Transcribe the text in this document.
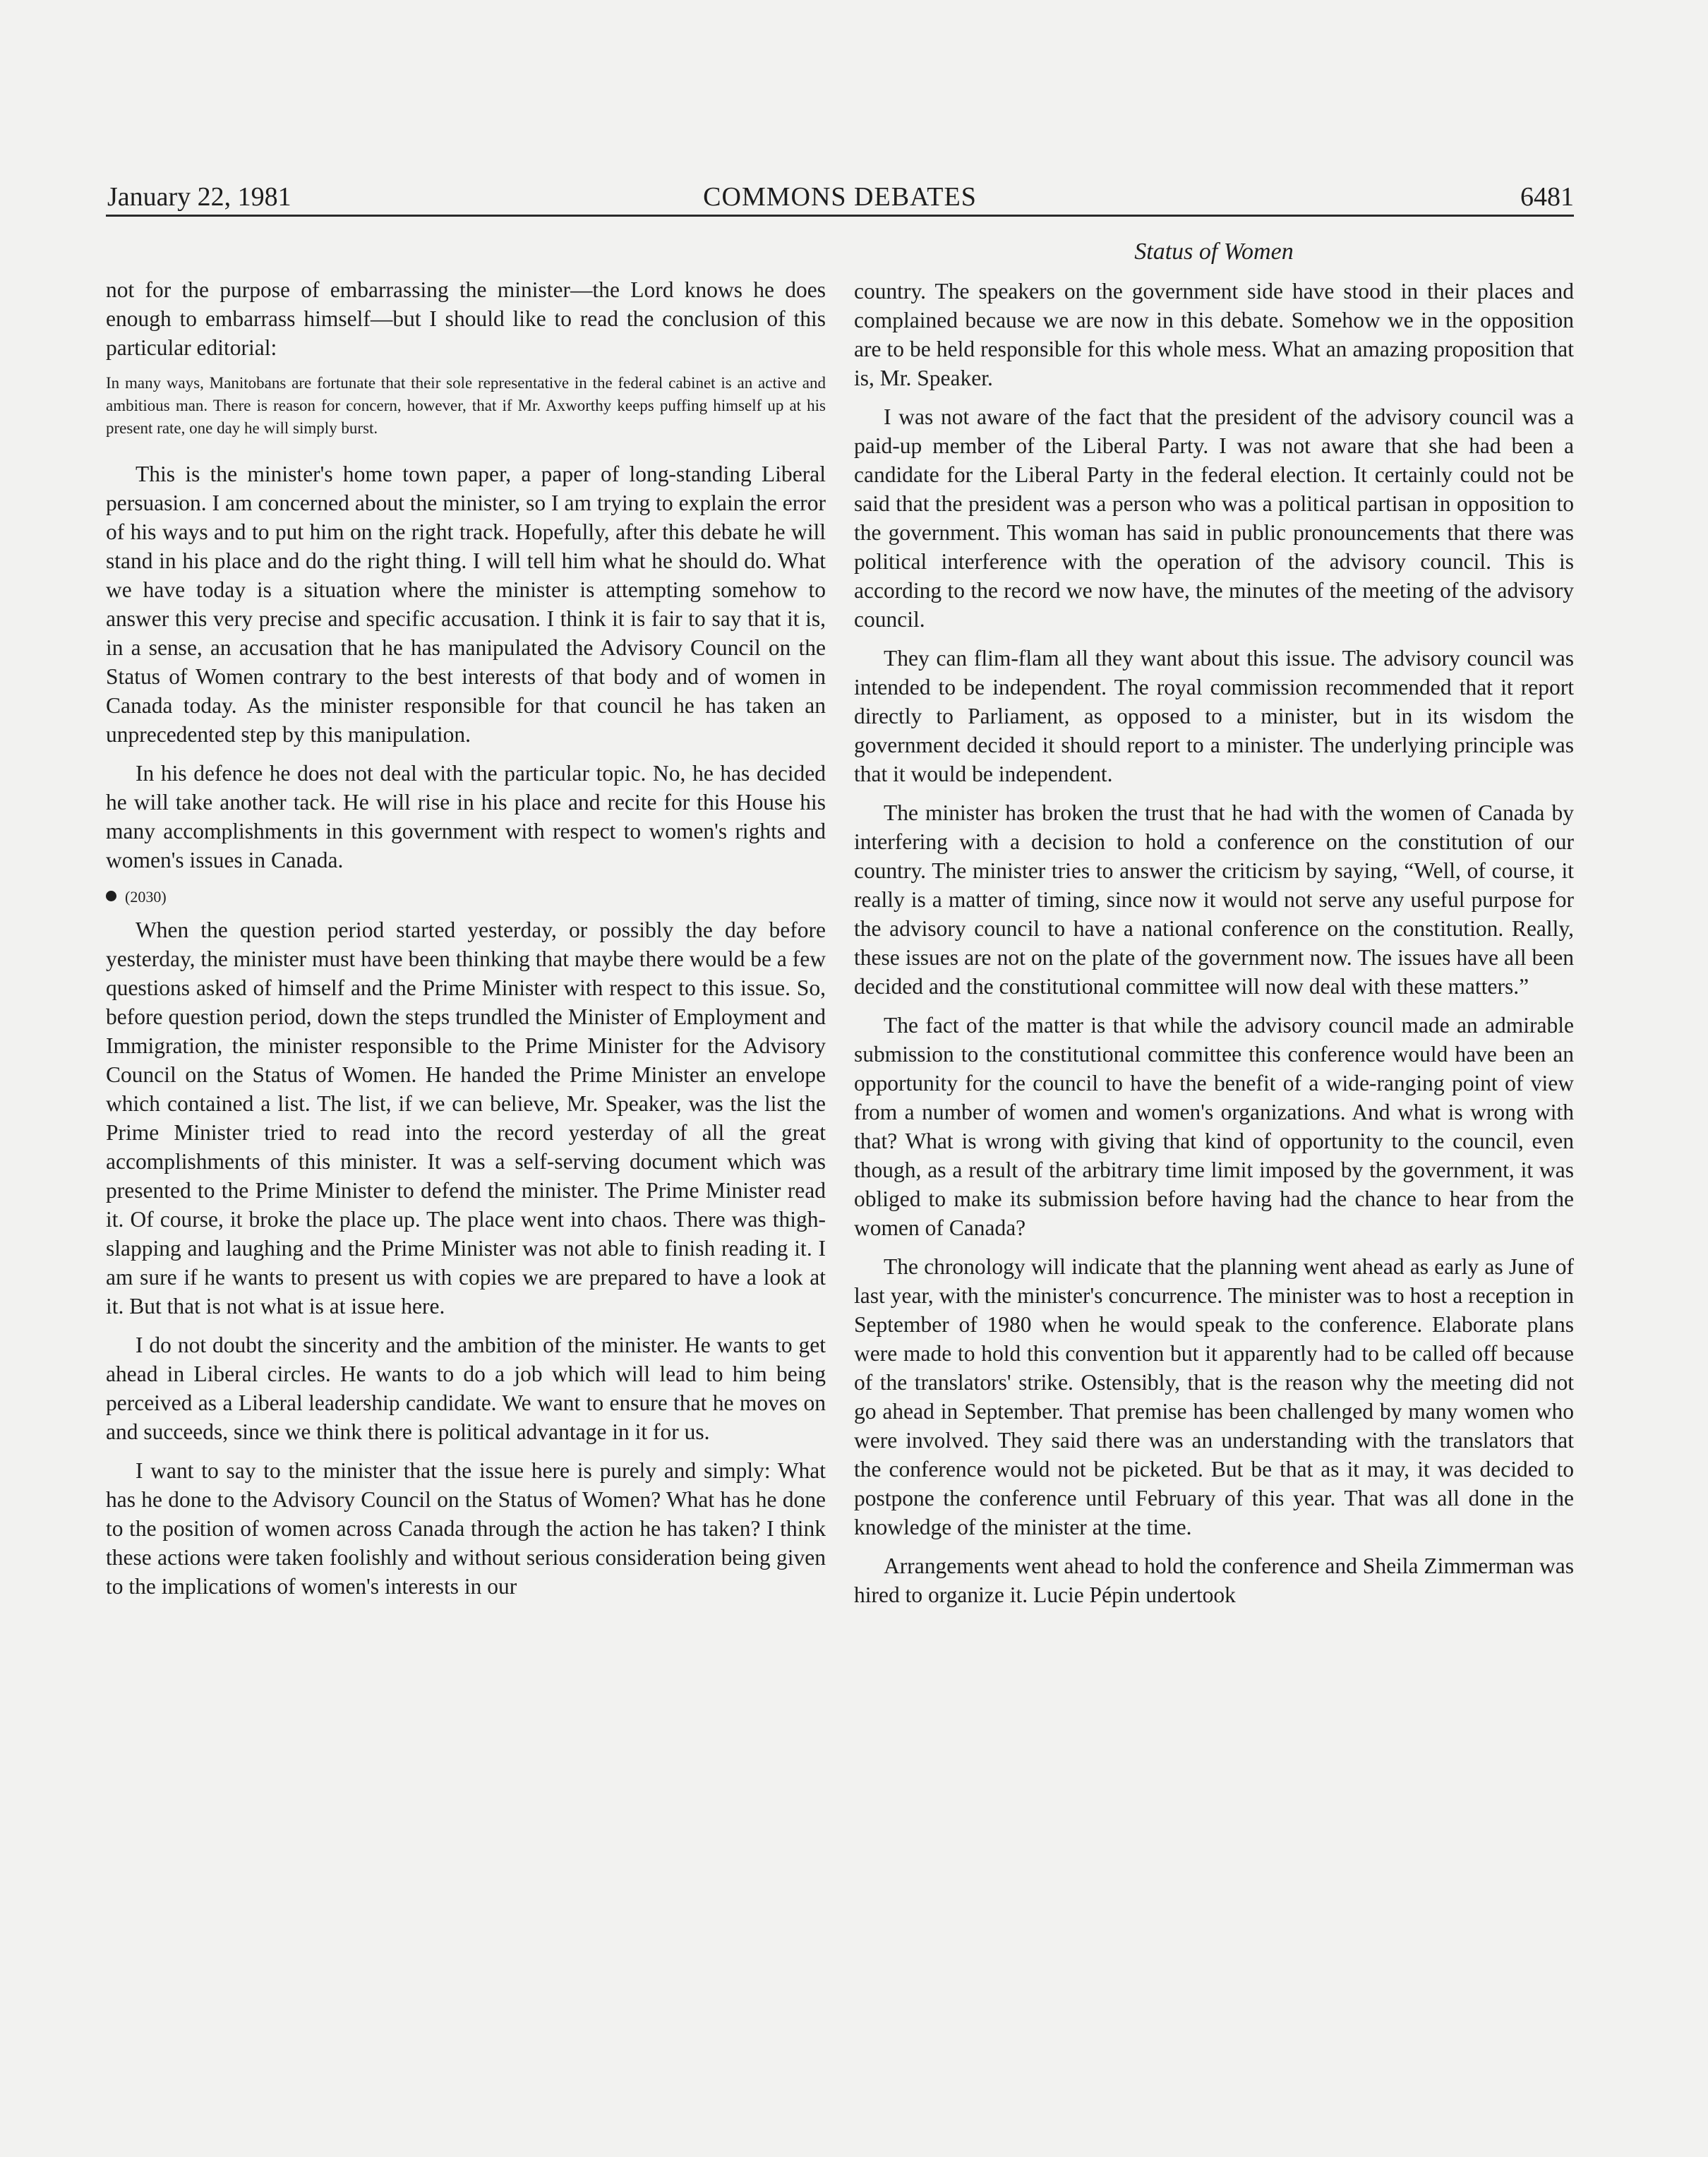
January 22, 1981	COMMONS DEBATES	6481
Status of Women

not for the purpose of embarrassing the minister—the Lord knows he does enough to embarrass himself—but I should like to read the conclusion of this particular editorial:

In many ways, Manitobans are fortunate that their sole representative in the federal cabinet is an active and ambitious man. There is reason for concern, however, that if Mr. Axworthy keeps puffing himself up at his present rate, one day he will simply burst.

This is the minister's home town paper, a paper of long-standing Liberal persuasion. I am concerned about the minister, so I am trying to explain the error of his ways and to put him on the right track. Hopefully, after this debate he will stand in his place and do the right thing. I will tell him what he should do. What we have today is a situation where the minister is attempting somehow to answer this very precise and specific accusation. I think it is fair to say that it is, in a sense, an accusation that he has manipulated the Advisory Council on the Status of Women contrary to the best interests of that body and of women in Canada today. As the minister responsible for that council he has taken an unprecedented step by this manipulation.

In his defence he does not deal with the particular topic. No, he has decided he will take another tack. He will rise in his place and recite for this House his many accomplishments in this government with respect to women's rights and women's issues in Canada.

(2030)

When the question period started yesterday, or possibly the day before yesterday, the minister must have been thinking that maybe there would be a few questions asked of himself and the Prime Minister with respect to this issue. So, before question period, down the steps trundled the Minister of Employment and Immigration, the minister responsible to the Prime Minister for the Advisory Council on the Status of Women. He handed the Prime Minister an envelope which contained a list. The list, if we can believe, Mr. Speaker, was the list the Prime Minister tried to read into the record yesterday of all the great accomplishments of this minister. It was a self-serving document which was presented to the Prime Minister to defend the minister. The Prime Minister read it. Of course, it broke the place up. The place went into chaos. There was thigh-slapping and laughing and the Prime Minister was not able to finish reading it. I am sure if he wants to present us with copies we are prepared to have a look at it. But that is not what is at issue here.

I do not doubt the sincerity and the ambition of the minister. He wants to get ahead in Liberal circles. He wants to do a job which will lead to him being perceived as a Liberal leadership candidate. We want to ensure that he moves on and succeeds, since we think there is political advantage in it for us.

I want to say to the minister that the issue here is purely and simply: What has he done to the Advisory Council on the Status of Women? What has he done to the position of women across Canada through the action he has taken? I think these actions were taken foolishly and without serious consideration being given to the implications of women's interests in our

country. The speakers on the government side have stood in their places and complained because we are now in this debate. Somehow we in the opposition are to be held responsible for this whole mess. What an amazing proposition that is, Mr. Speaker.

I was not aware of the fact that the president of the advisory council was a paid-up member of the Liberal Party. I was not aware that she had been a candidate for the Liberal Party in the federal election. It certainly could not be said that the president was a person who was a political partisan in opposition to the government. This woman has said in public pronouncements that there was political interference with the operation of the advisory council. This is according to the record we now have, the minutes of the meeting of the advisory council.

They can flim-flam all they want about this issue. The advisory council was intended to be independent. The royal commission recommended that it report directly to Parliament, as opposed to a minister, but in its wisdom the government decided it should report to a minister. The underlying principle was that it would be independent.

The minister has broken the trust that he had with the women of Canada by interfering with a decision to hold a conference on the constitution of our country. The minister tries to answer the criticism by saying, “Well, of course, it really is a matter of timing, since now it would not serve any useful purpose for the advisory council to have a national conference on the constitution. Really, these issues are not on the plate of the government now. The issues have all been decided and the constitutional committee will now deal with these matters.”

The fact of the matter is that while the advisory council made an admirable submission to the constitutional committee this conference would have been an opportunity for the council to have the benefit of a wide-ranging point of view from a number of women and women's organizations. And what is wrong with that? What is wrong with giving that kind of opportunity to the council, even though, as a result of the arbitrary time limit imposed by the government, it was obliged to make its submission before having had the chance to hear from the women of Canada?

The chronology will indicate that the planning went ahead as early as June of last year, with the minister's concurrence. The minister was to host a reception in September of 1980 when he would speak to the conference. Elaborate plans were made to hold this convention but it apparently had to be called off because of the translators' strike. Ostensibly, that is the reason why the meeting did not go ahead in September. That premise has been challenged by many women who were involved. They said there was an understanding with the translators that the conference would not be picketed. But be that as it may, it was decided to postpone the conference until February of this year. That was all done in the knowledge of the minister at the time.

Arrangements went ahead to hold the conference and Sheila Zimmerman was hired to organize it. Lucie Pépin undertook
